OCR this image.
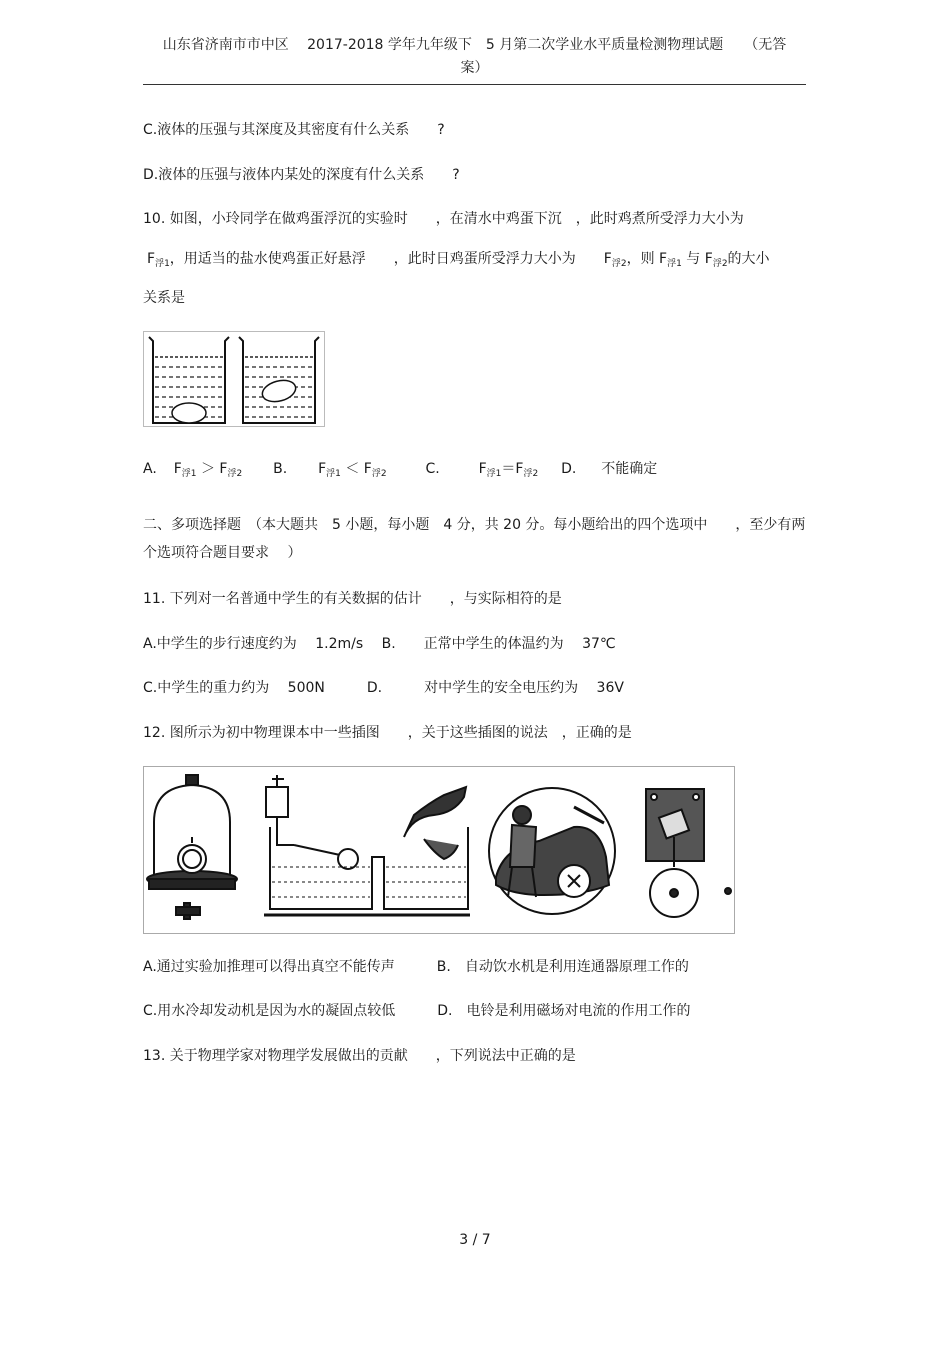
山东省济南市市中区　 2017-2018 学年九年级下　5 月第二次学业水平质量检测物理试题　　（无答
案）
C.液体的压强与其深度及其密度有什么关系　　?
D.液体的压强与液体内某处的深度有什么关系　　?
10. 如图，小玲同学在做鸡蛋浮沉的实验时　　，在清水中鸡蛋下沉　，此时鸡煮所受浮力大小为
$F_{浮1}$，用适当的盐水使鸡蛋正好悬浮　　，此时日鸡蛋所受浮力大小为　　$F_{浮2}$，则 $F_{浮1}$ 与 $F_{浮2}$的大小
关系是
A. $F_{浮1} > F_{浮2}$ B. $F_{浮1} < F_{浮2}$	C.	$F_{浮1}=F_{浮2}$ D. 不能确定
二、多项选择题　（本大题共　5 小题，每小题　4 分，共 20 分。每小题给出的四个选项中　　，至少有两个选项符合题目要求　 ）
11. 下列对一名普通中学生的有关数据的估计　　，与实际相符的是
A.中学生的步行速度约为　 1.2m/s　 B.　　正常中学生的体温约为　 37℃
C.中学生的重力约为　 500N　　　D.　　　对中学生的安全电压约为　 36V
12. 图所示为初中物理课本中一些插图　　，关于这些插图的说法　，正确的是
A.通过实验加推理可以得出真空不能传声　　　B.　自动饮水机是利用连通器原理工作的
C.用水冷却发动机是因为水的凝固点较低　　　D.　电铃是利用磁场对电流的作用工作的
13. 关于物理学家对物理学发展做出的贡献　　，下列说法中正确的是
3 / 7
